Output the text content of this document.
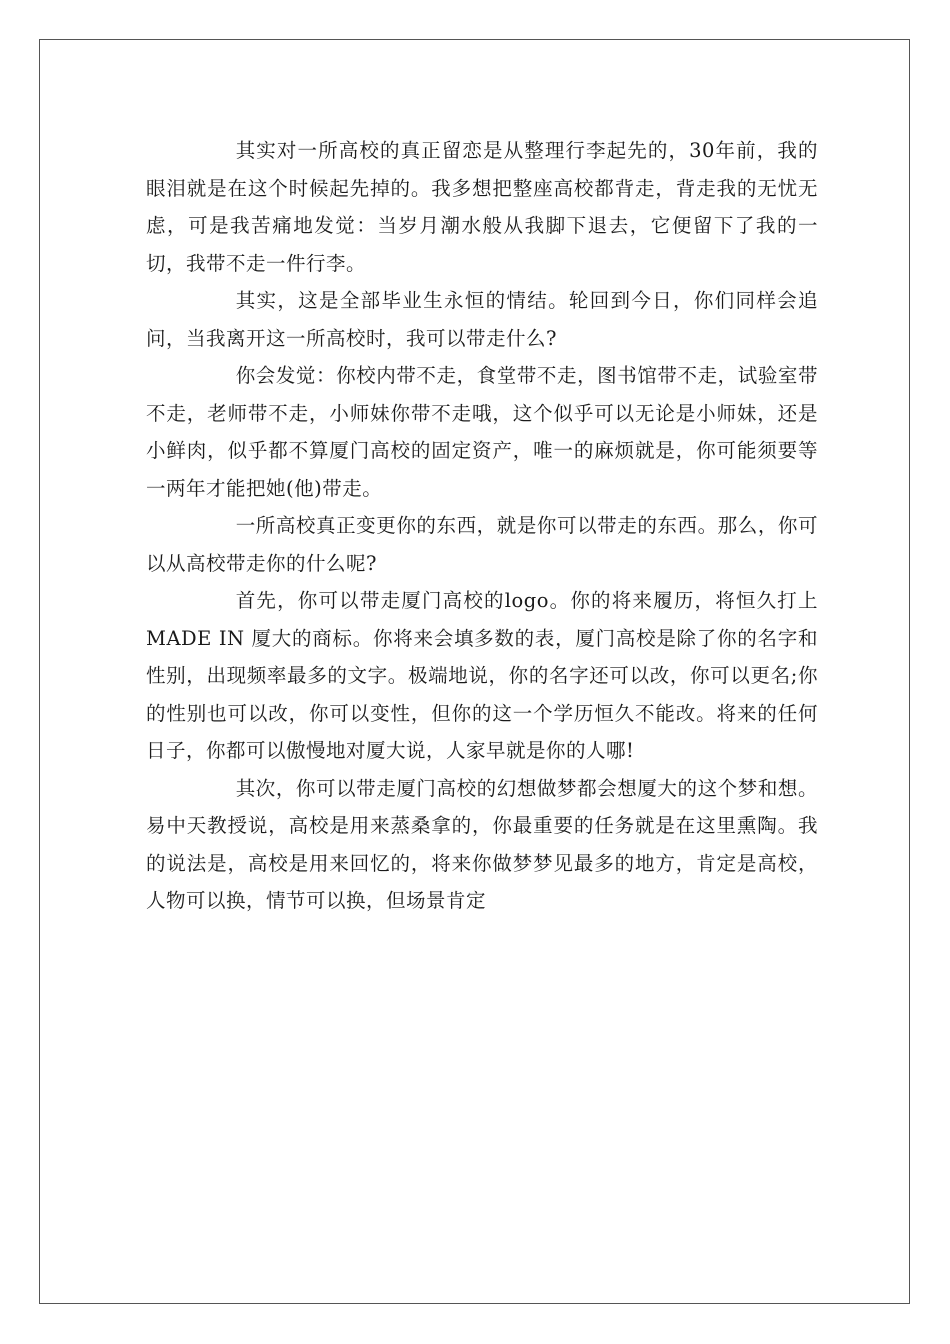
其实对一所高校的真正留恋是从整理行李起先的，30年前，我的眼泪就是在这个时候起先掉的。我多想把整座高校都背走，背走我的无忧无虑，可是我苦痛地发觉：当岁月潮水般从我脚下退去，它便留下了我的一切，我带不走一件行李。

其实，这是全部毕业生永恒的情结。轮回到今日，你们同样会追问，当我离开这一所高校时，我可以带走什么?

你会发觉：你校内带不走，食堂带不走，图书馆带不走，试验室带不走，老师带不走，小师妹你带不走哦，这个似乎可以无论是小师妹，还是小鲜肉，似乎都不算厦门高校的固定资产，唯一的麻烦就是，你可能须要等一两年才能把她(他)带走。

一所高校真正变更你的东西，就是你可以带走的东西。那么，你可以从高校带走你的什么呢?

首先，你可以带走厦门高校的logo。你的将来履历，将恒久打上MADE IN 厦大的商标。你将来会填多数的表，厦门高校是除了你的名字和性别，出现频率最多的文字。极端地说，你的名字还可以改，你可以更名;你的性别也可以改，你可以变性，但你的这一个学历恒久不能改。将来的任何日子，你都可以傲慢地对厦大说，人家早就是你的人哪!

其次，你可以带走厦门高校的幻想做梦都会想厦大的这个梦和想。易中天教授说，高校是用来蒸桑拿的，你最重要的任务就是在这里熏陶。我的说法是，高校是用来回忆的，将来你做梦梦见最多的地方，肯定是高校，人物可以换，情节可以换，但场景肯定
